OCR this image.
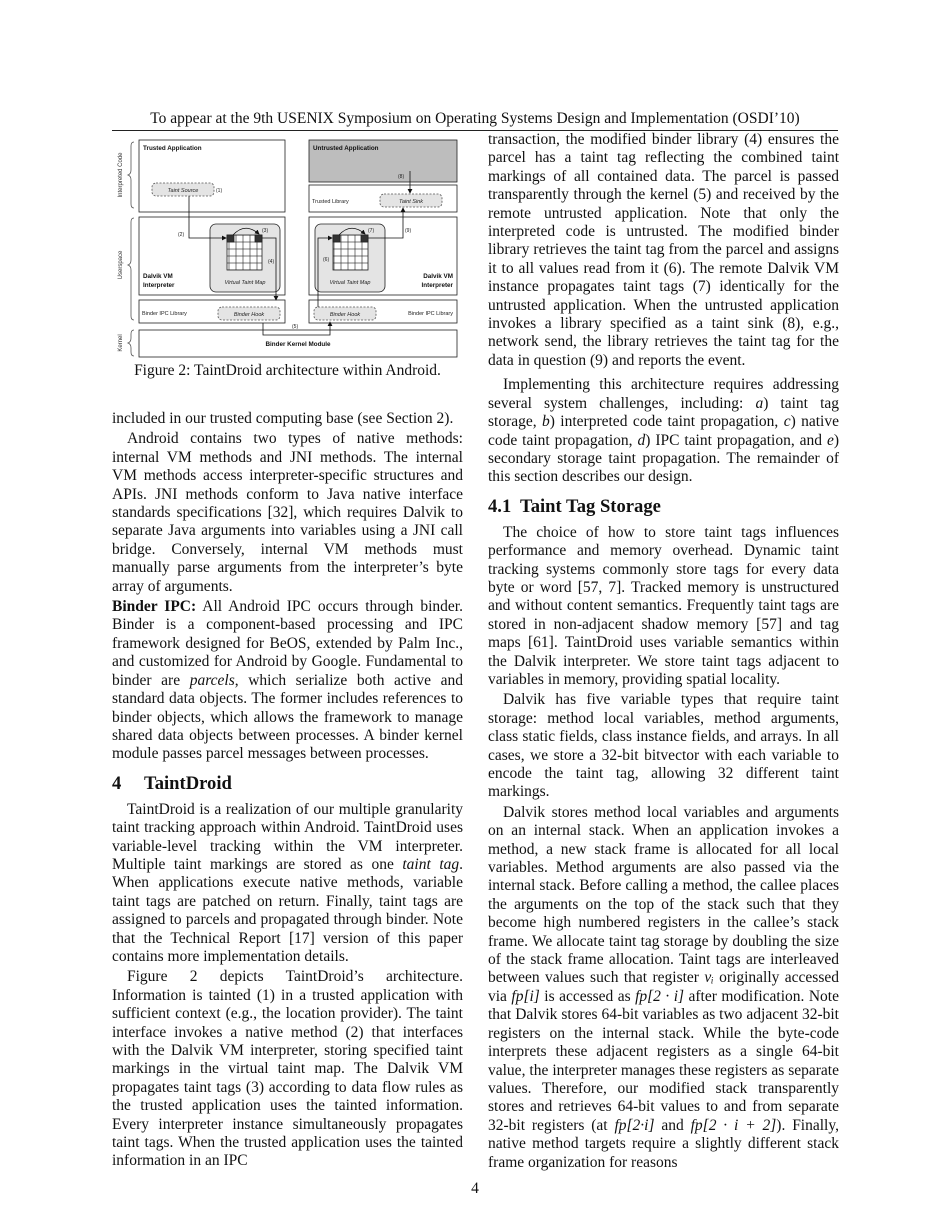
To appear at the 9th USENIX Symposium on Operating Systems Design and Implementation (OSDI’10)
Interpreted Code
Userspace
Kernel
Trusted Application	Untrusted Application
Dalvik VM
Interpreter
Dalvik VM
Interpreter
Binder Kernel Module
Trusted Library
Binder IPC Library	Binder IPC Library
Taint Source
Taint Sink
Virtual Taint Map	Virtual Taint Map
Binder Hook	Binder Hook
(1)
(2)
(3)
(4)
(5)
(6)
(7)
(8)
(9)
Figure 2: TaintDroid architecture within Android.

included in our trusted computing base (see Section 2).

Android contains two types of native methods: internal VM methods and JNI methods. The internal VM methods access interpreter-specific structures and APIs. JNI methods conform to Java native interface standards specifications [32], which requires Dalvik to separate Java arguments into variables using a JNI call bridge. Conversely, internal VM methods must manually parse arguments from the interpreter’s byte array of arguments.

Binder IPC: All Android IPC occurs through binder. Binder is a component-based processing and IPC framework designed for BeOS, extended by Palm Inc., and customized for Android by Google. Fundamental to binder are parcels, which serialize both active and standard data objects. The former includes references to binder objects, which allows the framework to manage shared data objects between processes. A binder kernel module passes parcel messages between processes.

4 TaintDroid

TaintDroid is a realization of our multiple granularity taint tracking approach within Android. TaintDroid uses variable-level tracking within the VM interpreter. Multiple taint markings are stored as one taint tag. When applications execute native methods, variable taint tags are patched on return. Finally, taint tags are assigned to parcels and propagated through binder. Note that the Technical Report [17] version of this paper contains more implementation details.

Figure 2 depicts TaintDroid’s architecture. Information is tainted (1) in a trusted application with sufficient context (e.g., the location provider). The taint interface invokes a native method (2) that interfaces with the Dalvik VM interpreter, storing specified taint markings in the virtual taint map. The Dalvik VM propagates taint tags (3) according to data flow rules as the trusted application uses the tainted information. Every interpreter instance simultaneously propagates taint tags. When the trusted application uses the tainted information in an IPC

transaction, the modified binder library (4) ensures the parcel has a taint tag reflecting the combined taint markings of all contained data. The parcel is passed transparently through the kernel (5) and received by the remote untrusted application. Note that only the interpreted code is untrusted. The modified binder library retrieves the taint tag from the parcel and assigns it to all values read from it (6). The remote Dalvik VM instance propagates taint tags (7) identically for the untrusted application. When the untrusted application invokes a library specified as a taint sink (8), e.g., network send, the library retrieves the taint tag for the data in question (9) and reports the event.

Implementing this architecture requires addressing several system challenges, including: a) taint tag storage, b) interpreted code taint propagation, c) native code taint propagation, d) IPC taint propagation, and e) secondary storage taint propagation. The remainder of this section describes our design.

4.1 Taint Tag Storage

The choice of how to store taint tags influences performance and memory overhead. Dynamic taint tracking systems commonly store tags for every data byte or word [57, 7]. Tracked memory is unstructured and without content semantics. Frequently taint tags are stored in non-adjacent shadow memory [57] and tag maps [61]. TaintDroid uses variable semantics within the Dalvik interpreter. We store taint tags adjacent to variables in memory, providing spatial locality.

Dalvik has five variable types that require taint storage: method local variables, method arguments, class static fields, class instance fields, and arrays. In all cases, we store a 32-bit bitvector with each variable to encode the taint tag, allowing 32 different taint markings.

Dalvik stores method local variables and arguments on an internal stack. When an application invokes a method, a new stack frame is allocated for all local variables. Method arguments are also passed via the internal stack. Before calling a method, the callee places the arguments on the top of the stack such that they become high numbered registers in the callee’s stack frame. We allocate taint tag storage by doubling the size of the stack frame allocation. Taint tags are interleaved between values such that register vᵢ originally accessed via fp[i] is accessed as fp[2 · i] after modification. Note that Dalvik stores 64-bit variables as two adjacent 32-bit registers on the internal stack. While the byte-code interprets these adjacent registers as a single 64-bit value, the interpreter manages these registers as separate values. Therefore, our modified stack transparently stores and retrieves 64-bit values to and from separate 32-bit registers (at fp[2·i] and fp[2 · i + 2]). Finally, native method targets require a slightly different stack frame organization for reasons

4
